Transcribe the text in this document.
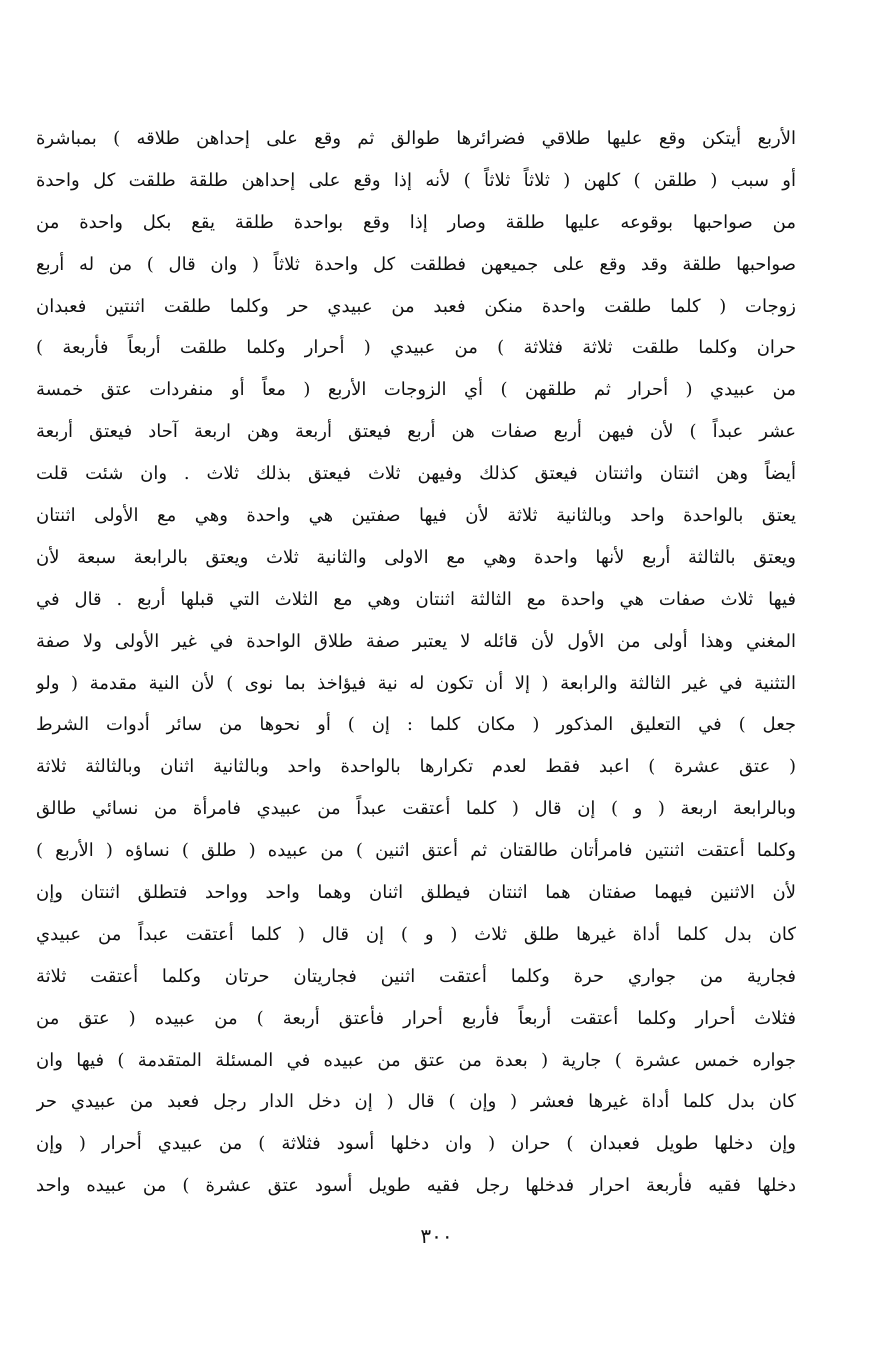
الأربع أيتكن وقع عليها طلاقي فضرائرها طوالق ثم وقع على إحداهن طلاقه ) بمباشرة
أو سبب ( طلقن ) كلهن ( ثلاثاً ثلاثاً ) لأنه إذا وقع على إحداهن طلقة طلقت كل واحدة
من صواحبها بوقوعه عليها طلقة وصار إذا وقع بواحدة طلقة يقع بكل واحدة من
صواحبها طلقة وقد وقع على جميعهن فطلقت كل واحدة ثلاثاً ( وان قال ) من له أربع
زوجات ( كلما طلقت واحدة منكن فعبد من عبيدي حر وكلما طلقت اثنتين فعبدان
حران وكلما طلقت ثلاثة فثلاثة ) من عبيدي ( أحرار وكلما طلقت أربعاً فأربعة )
من عبيدي ( أحرار ثم طلقهن ) أي الزوجات الأربع ( معاً أو منفردات عتق خمسة
عشر عبداً ) لأن فيهن أربع صفات هن أربع فيعتق أربعة وهن اربعة آحاد فيعتق أربعة
أيضاً وهن اثنتان واثنتان فيعتق كذلك وفيهن ثلاث فيعتق بذلك ثلاث . وان شئت قلت
يعتق بالواحدة واحد وبالثانية ثلاثة لأن فيها صفتين هي واحدة وهي مع الأولى اثنتان
ويعتق بالثالثة أربع لأنها واحدة وهي مع الاولى والثانية ثلاث ويعتق بالرابعة سبعة لأن
فيها ثلاث صفات هي واحدة مع الثالثة اثنتان وهي مع الثلاث التي قبلها أربع . قال في
المغني وهذا أولى من الأول لأن قائله لا يعتبر صفة طلاق الواحدة في غير الأولى ولا صفة
التثنية في غير الثالثة والرابعة ( إلا أن تكون له نية فيؤاخذ بما نوى ) لأن النية مقدمة ( ولو
جعل ) في التعليق المذكور ( مكان كلما : إن ) أو نحوها من سائر أدوات الشرط
( عتق عشرة ) اعبد فقط لعدم تكرارها بالواحدة واحد وبالثانية اثنان وبالثالثة ثلاثة
وبالرابعة اربعة ( و ) إن قال ( كلما أعتقت عبداً من عبيدي فامرأة من نسائي طالق
وكلما أعتقت اثنتين فامرأتان طالقتان ثم أعتق اثنين ) من عبيده ( طلق ) نساؤه ( الأربع )
لأن الاثنين فيهما صفتان هما اثنتان فيطلق اثنان وهما واحد وواحد فتطلق اثنتان وإن
كان بدل كلما أداة غيرها طلق ثلاث ( و ) إن قال ( كلما أعتقت عبداً من عبيدي
فجارية من جواري حرة وكلما أعتقت اثنين فجاريتان حرتان وكلما أعتقت ثلاثة
فثلاث أحرار وكلما أعتقت أربعاً فأربع أحرار فأعتق أربعة ) من عبيده ( عتق من
جواره خمس عشرة ) جارية ( بعدة من عتق من عبيده في المسئلة المتقدمة ) فيها وان
كان بدل كلما أداة غيرها فعشر ( وإن ) قال ( إن دخل الدار رجل فعبد من عبيدي حر
وإن دخلها طويل فعبدان ) حران ( وان دخلها أسود فثلاثة ) من عبيدي أحرار ( وإن
دخلها فقيه فأربعة احرار فدخلها رجل فقيه طويل أسود عتق عشرة ) من عبيده واحد
٣٠٠
